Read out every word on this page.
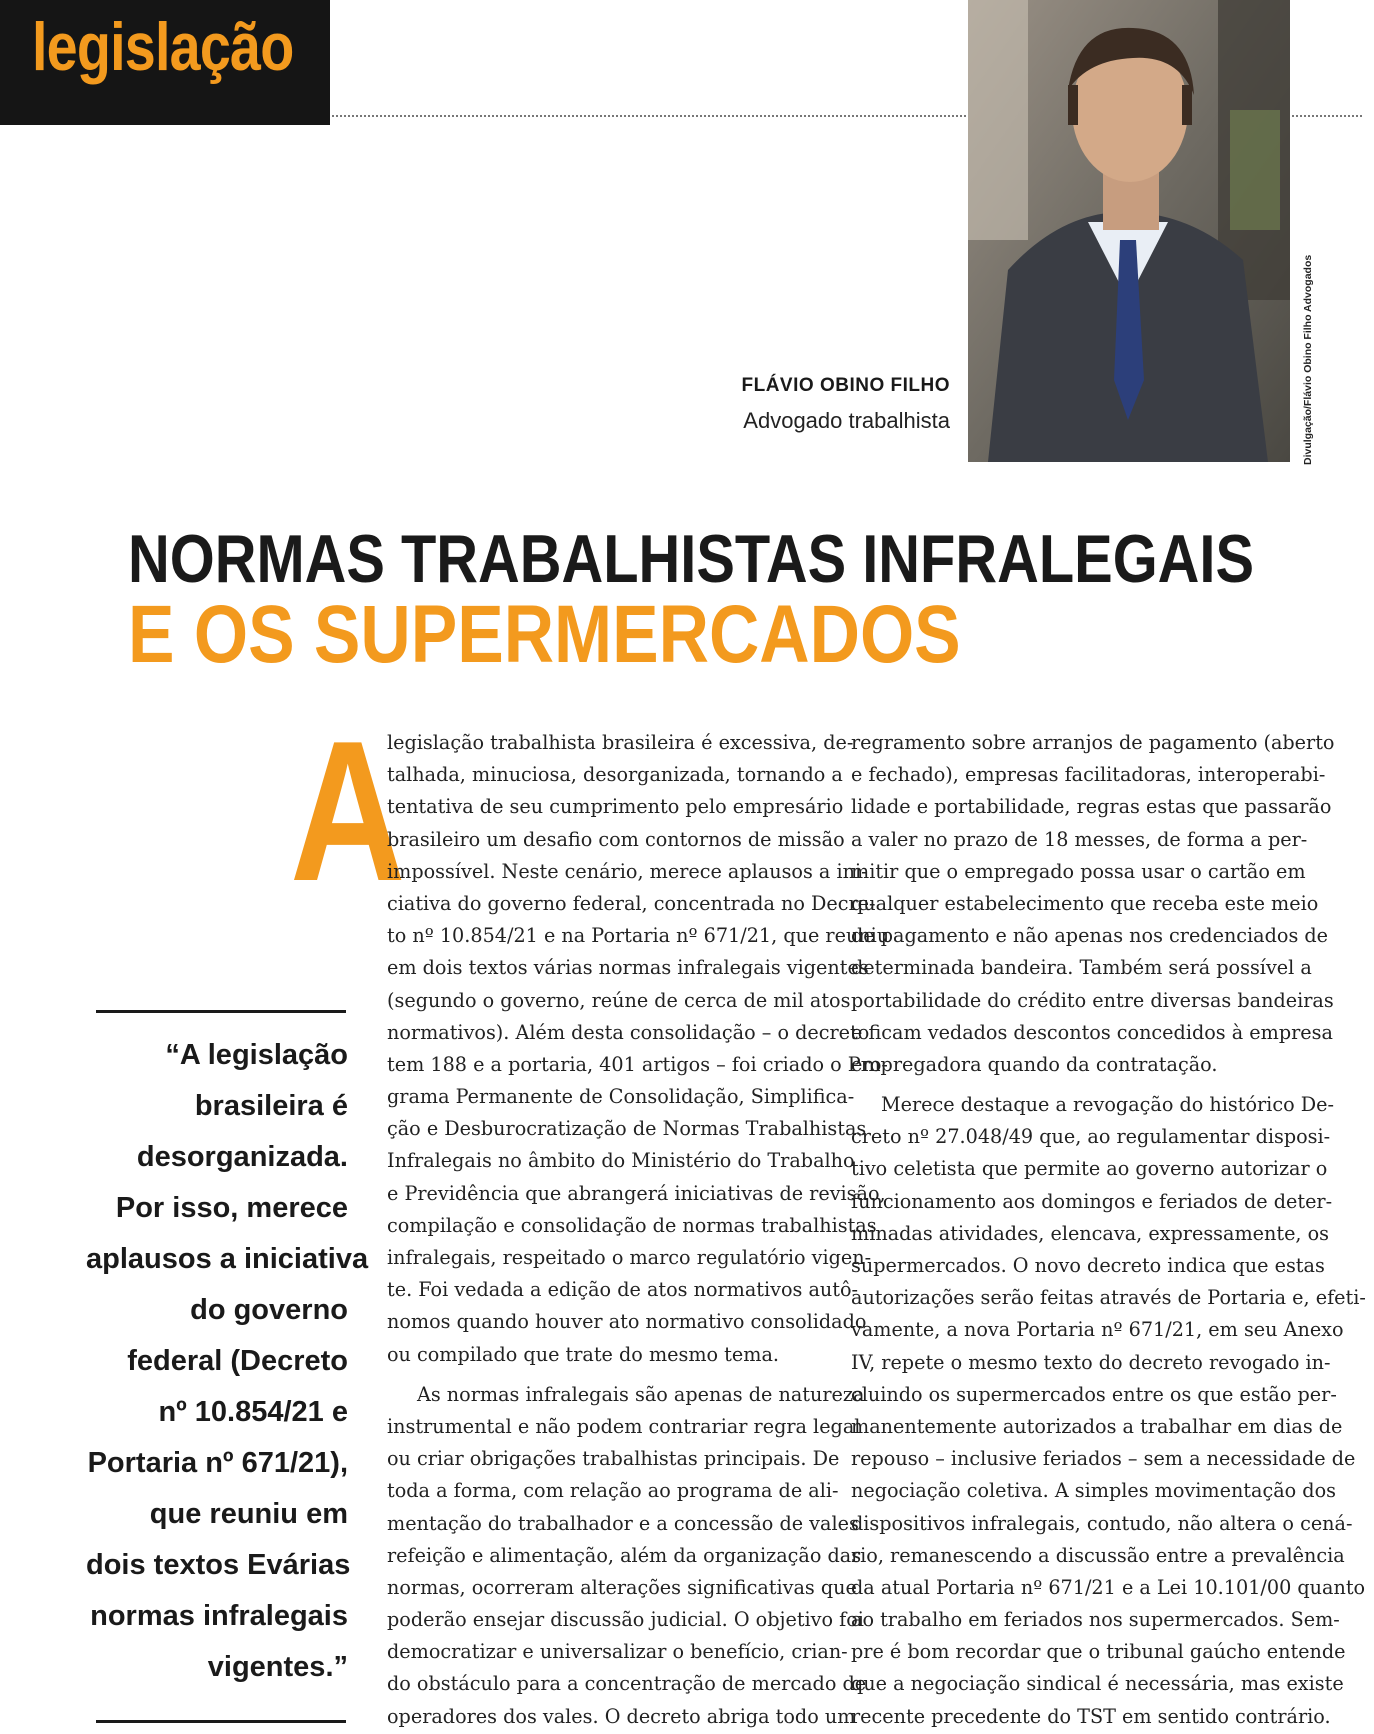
legislação
Divulgação/Flávio Obino Filho Advogados
FLÁVIO OBINO FILHO
Advogado trabalhista
NORMAS TRABALHISTAS INFRALEGAIS
E OS SUPERMERCADOS
A
“A legislação
brasileira é
desorganizada.
Por isso, merece
aplausos a iniciativa
do governo
federal (Decreto
nº 10.854/21 e
Portaria nº 671/21),
que reuniu em
dois textos Evárias
normas infralegais
vigentes.”
legislação trabalhista brasileira é excessiva, de-
talhada, minuciosa, desorganizada, tornando a
tentativa de seu cumprimento pelo empresário
brasileiro um desafio com contornos de missão
impossível. Neste cenário, merece aplausos a ini-
ciativa do governo federal, concentrada no Decre-
to nº 10.854/21 e na Portaria nº 671/21, que reuniu
em dois textos várias normas infralegais vigentes
(segundo o governo, reúne de cerca de mil atos
normativos). Além desta consolidação – o decreto
tem 188 e a portaria, 401 artigos – foi criado o Pro-
grama Permanente de Consolidação, Simplifica-
ção e Desburocratização de Normas Trabalhistas
Infralegais no âmbito do Ministério do Trabalho
e Previdência que abrangerá iniciativas de revisão,
compilação e consolidação de normas trabalhistas
infralegais, respeitado o marco regulatório vigen-
te. Foi vedada a edição de atos normativos autô-
nomos quando houver ato normativo consolidado
ou compilado que trate do mesmo tema.
As normas infralegais são apenas de natureza
instrumental e não podem contrariar regra legal
ou criar obrigações trabalhistas principais. De
toda a forma, com relação ao programa de ali-
mentação do trabalhador e a concessão de vales
refeição e alimentação, além da organização das
normas, ocorreram alterações significativas que
poderão ensejar discussão judicial. O objetivo foi
democratizar e universalizar o benefício, crian-
do obstáculo para a concentração de mercado de
operadores dos vales. O decreto abriga todo um
regramento sobre arranjos de pagamento (aberto
e fechado), empresas facilitadoras, interoperabi-
lidade e portabilidade, regras estas que passarão
a valer no prazo de 18 messes, de forma a per-
mitir que o empregado possa usar o cartão em
qualquer estabelecimento que receba este meio
de pagamento e não apenas nos credenciados de
determinada bandeira. Também será possível a
portabilidade do crédito entre diversas bandeiras
e ficam vedados descontos concedidos à empresa
empregadora quando da contratação.
Merece destaque a revogação do histórico De-
creto nº 27.048/49 que, ao regulamentar disposi-
tivo celetista que permite ao governo autorizar o
funcionamento aos domingos e feriados de deter-
minadas atividades, elencava, expressamente, os
supermercados. O novo decreto indica que estas
autorizações serão feitas através de Portaria e, efeti-
vamente, a nova Portaria nº 671/21, em seu Anexo
IV, repete o mesmo texto do decreto revogado in-
cluindo os supermercados entre os que estão per-
manentemente autorizados a trabalhar em dias de
repouso – inclusive feriados – sem a necessidade de
negociação coletiva. A simples movimentação dos
dispositivos infralegais, contudo, não altera o cená-
rio, remanescendo a discussão entre a prevalência
da atual Portaria nº 671/21 e a Lei 10.101/00 quanto
ao trabalho em feriados nos supermercados. Sem-
pre é bom recordar que o tribunal gaúcho entende
que a negociação sindical é necessária, mas existe
recente precedente do TST em sentido contrário.
